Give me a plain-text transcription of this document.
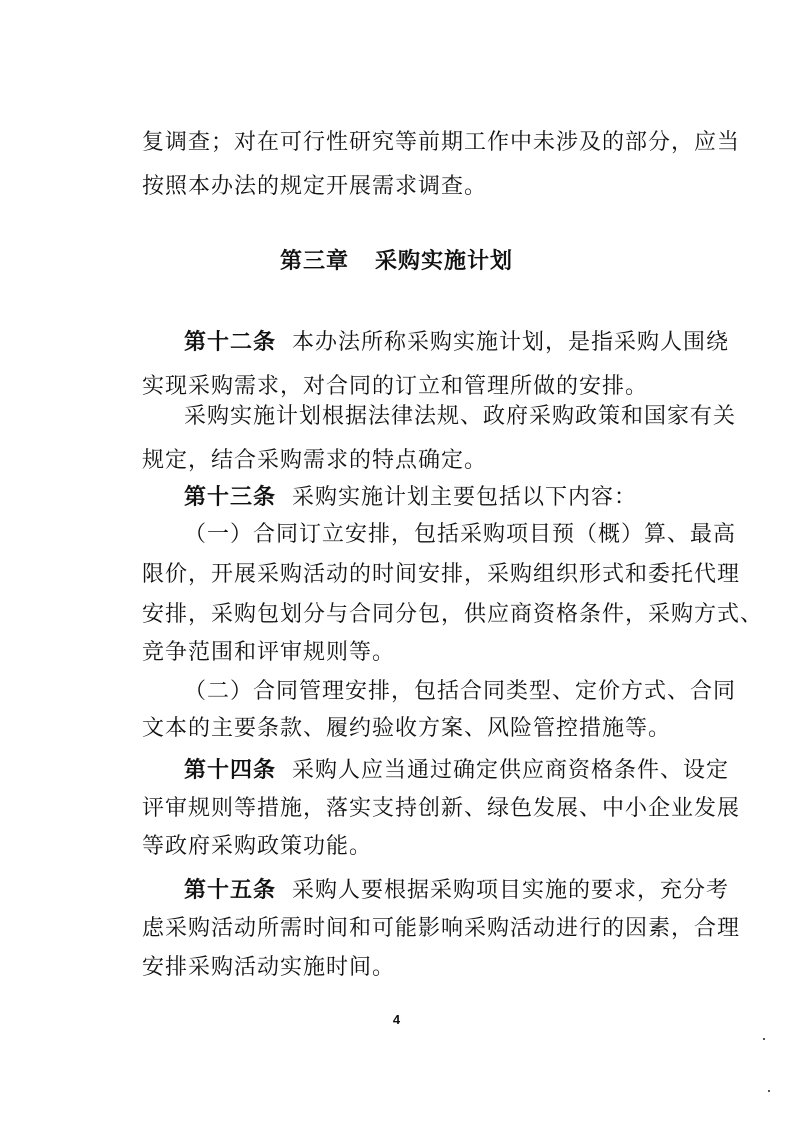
复调查；对在可行性研究等前期工作中未涉及的部分，应当
按照本办法的规定开展需求调查。
第三章 采购实施计划
第十二条 本办法所称采购实施计划，是指采购人围绕
实现采购需求，对合同的订立和管理所做的安排。
采购实施计划根据法律法规、政府采购政策和国家有关
规定，结合采购需求的特点确定。
第十三条 采购实施计划主要包括以下内容：
（一）合同订立安排，包括采购项目预（概）算、最高
限价，开展采购活动的时间安排，采购组织形式和委托代理
安排，采购包划分与合同分包，供应商资格条件，采购方式、
竞争范围和评审规则等。
（二）合同管理安排，包括合同类型、定价方式、合同
文本的主要条款、履约验收方案、风险管控措施等。
第十四条 采购人应当通过确定供应商资格条件、设定
评审规则等措施，落实支持创新、绿色发展、中小企业发展
等政府采购政策功能。
第十五条 采购人要根据采购项目实施的要求，充分考
虑采购活动所需时间和可能影响采购活动进行的因素，合理
安排采购活动实施时间。
4
